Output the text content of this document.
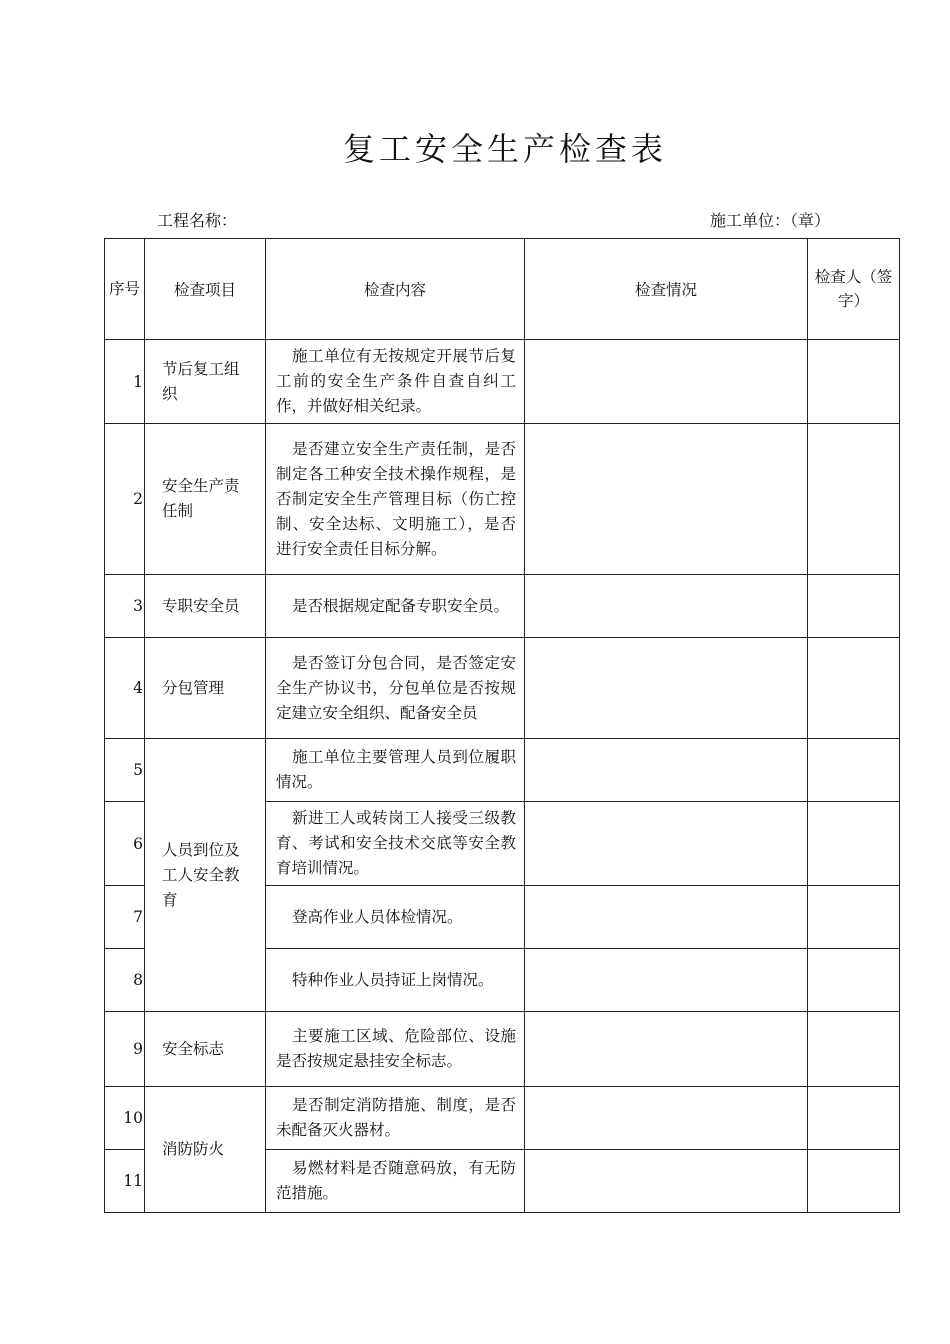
复工安全生产检查表
工程名称：	施工单位：（章）
序号	检查项目	检查内容	检查情况	检查人（签字）
1	节后复工组织	施工单位有无按规定开展节后复工前的安全生产条件自查自纠工作，并做好相关纪录。		

2	安全生产责任制	是否建立安全生产责任制，是否制定各工种安全技术操作规程，是否制定安全生产管理目标（伤亡控制、安全达标、文明施工），是否进行安全责任目标分解。		

3	专职安全员	是否根据规定配备专职安全员。		

4	分包管理	是否签订分包合同，是否签定安全生产协议书，分包单位是否按规定建立安全组织、配备安全员		

5	人员到位及工人安全教育	施工单位主要管理人员到位履职情况。		

6		新进工人或转岗工人接受三级教育、考试和安全技术交底等安全教育培训情况。		

7		登高作业人员体检情况。		

8		特种作业人员持证上岗情况。		

9	安全标志	主要施工区域、危险部位、设施是否按规定悬挂安全标志。		

10	消防防火	是否制定消防措施、制度，是否未配备灭火器材。		

11		易燃材料是否随意码放，有无防范措施。		
